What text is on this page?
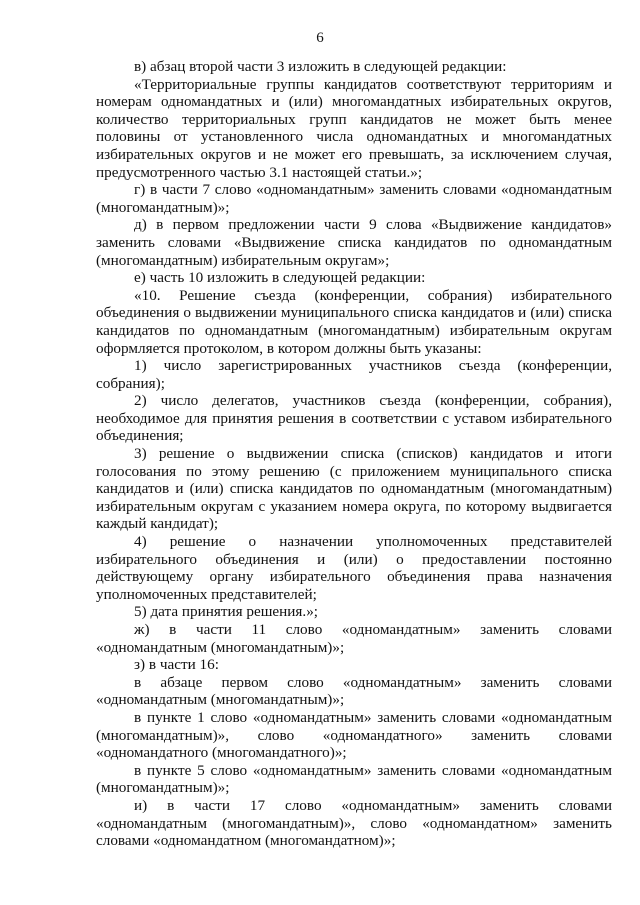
6

в) абзац второй части 3 изложить в следующей редакции:

«Территориальные группы кандидатов соответствуют территориям и номерам одномандатных и (или) многомандатных избирательных округов, количество территориальных групп кандидатов не может быть менее половины от установленного числа одномандатных и многомандатных избирательных округов и не может его превышать, за исключением случая, предусмотренного частью 3.1 настоящей статьи.»;

г) в части 7 слово «одномандатным» заменить словами «одномандатным (многомандатным)»;

д) в первом предложении части 9 слова «Выдвижение кандидатов» заменить словами «Выдвижение списка кандидатов по одномандатным (многомандатным) избирательным округам»;

е) часть 10 изложить в следующей редакции:

«10. Решение съезда (конференции, собрания) избирательного объединения о выдвижении муниципального списка кандидатов и (или) списка кандидатов по одномандатным (многомандатным) избирательным округам оформляется протоколом, в котором должны быть указаны:

1) число зарегистрированных участников съезда (конференции, собрания);

2) число делегатов, участников съезда (конференции, собрания), необходимое для принятия решения в соответствии с уставом избирательного объединения;

3) решение о выдвижении списка (списков) кандидатов и итоги голосования по этому решению (с приложением муниципального списка кандидатов и (или) списка кандидатов по одномандатным (многомандатным) избирательным округам с указанием номера округа, по которому выдвигается каждый кандидат);

4) решение о назначении уполномоченных представителей избирательного объединения и (или) о предоставлении постоянно действующему органу избирательного объединения права назначения уполномоченных представителей;

5) дата принятия решения.»;

ж) в части 11 слово «одномандатным» заменить словами «одномандатным (многомандатным)»;

з) в части 16:

в абзаце первом слово «одномандатным» заменить словами «одномандатным (многомандатным)»;

в пункте 1 слово «одномандатным» заменить словами «одномандатным (многомандатным)», слово «одномандатного» заменить словами «одномандатного (многомандатного)»;

в пункте 5 слово «одномандатным» заменить словами «одномандатным (многомандатным)»;

и) в части 17 слово «одномандатным» заменить словами «одномандатным (многомандатным)», слово «одномандатном» заменить словами «одномандатном (многомандатном)»;
